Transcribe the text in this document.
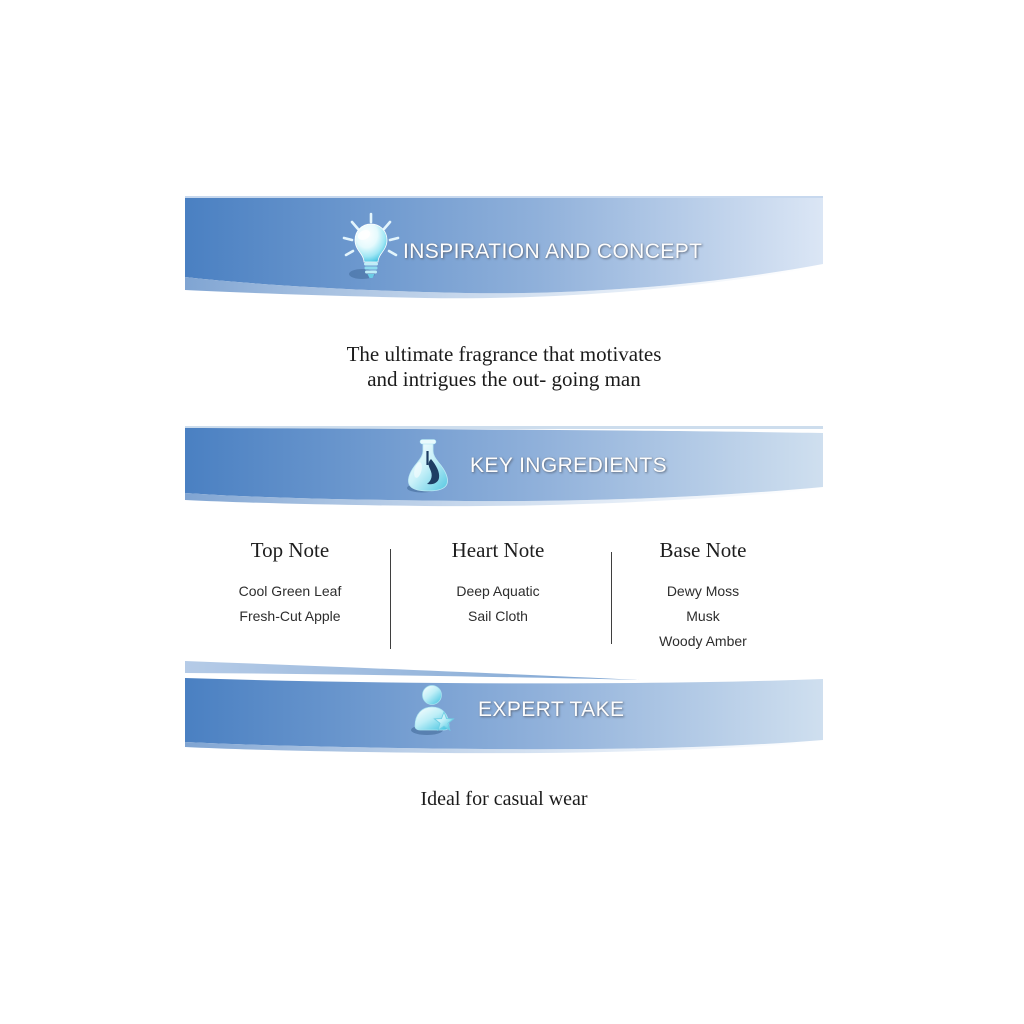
INSPIRATION AND CONCEPT
The ultimate fragrance that motivates
and intrigues the out- going man
KEY INGREDIENTS
Top Note
Cool Green Leaf
Fresh-Cut Apple
Heart Note
Deep Aquatic
Sail Cloth
Base Note
Dewy Moss
Musk
Woody Amber
EXPERT TAKE
Ideal for casual wear
